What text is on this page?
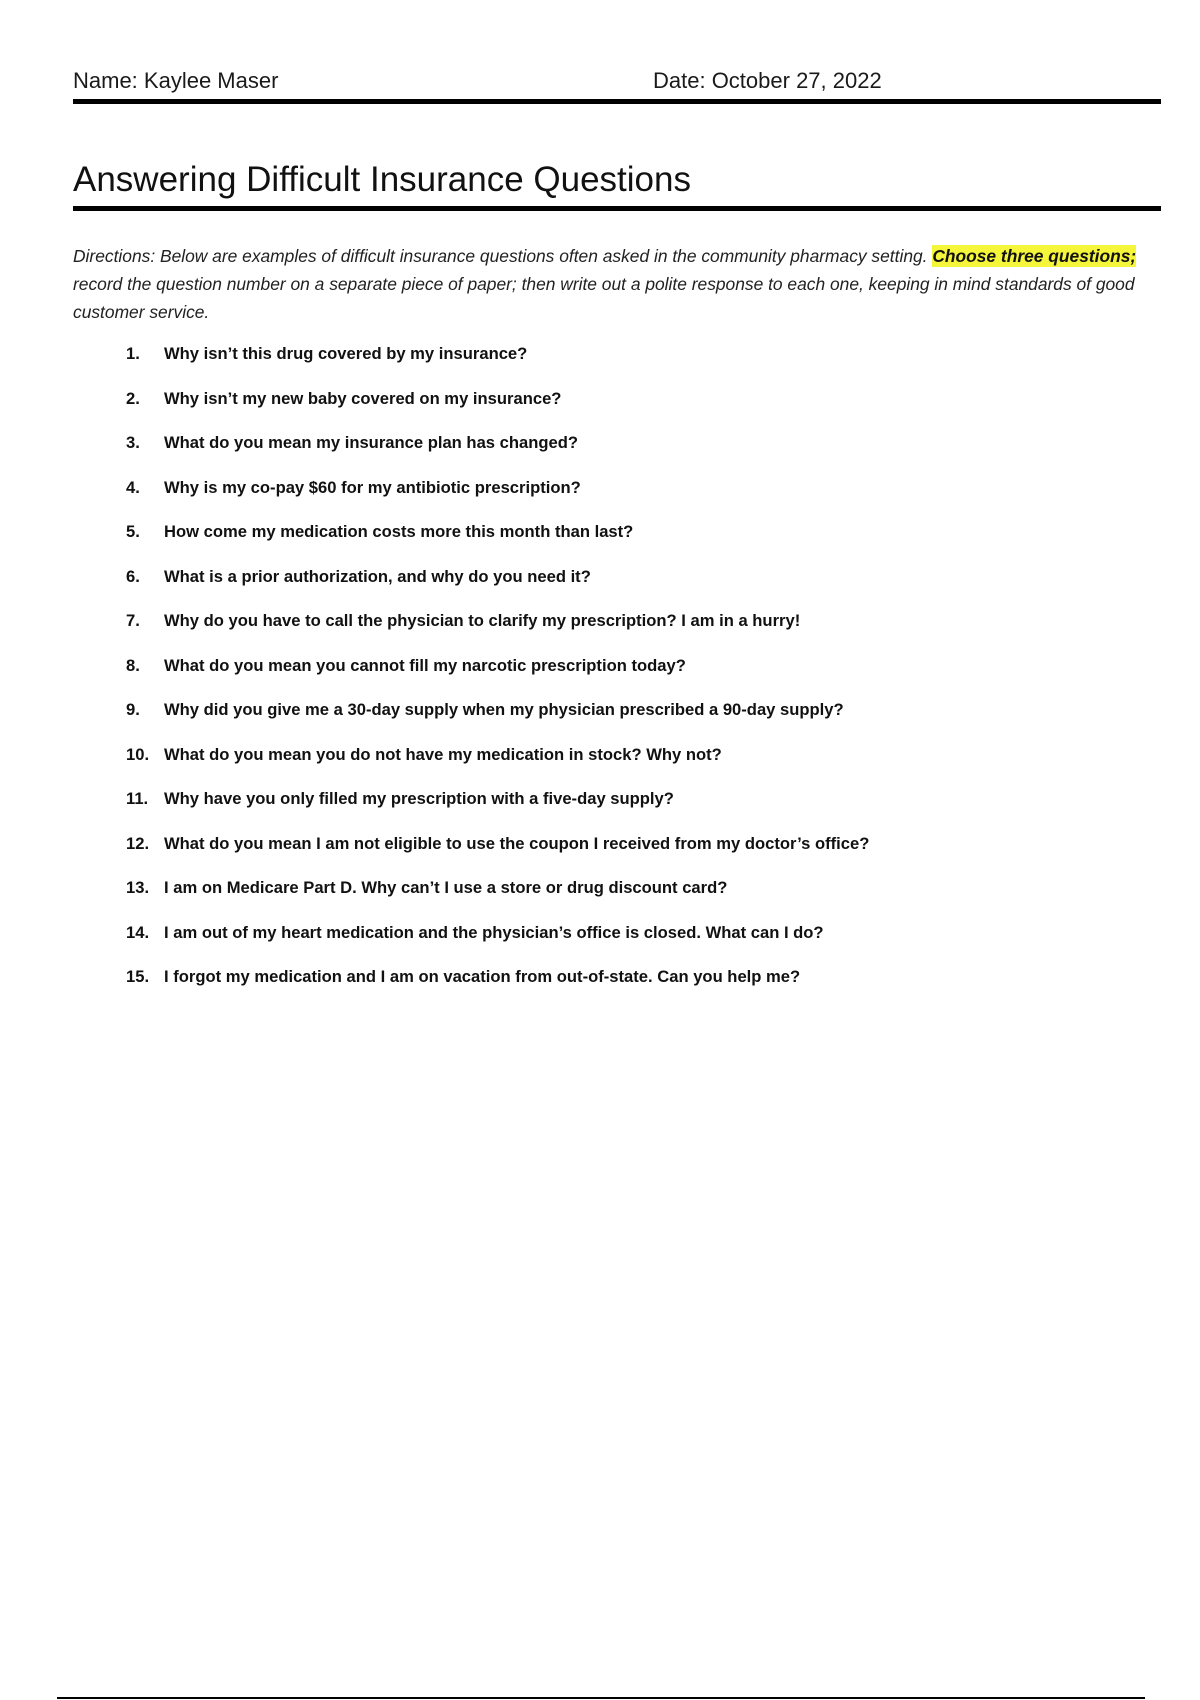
Name: Kaylee Maser	Date: October 27, 2022
Answering Difficult Insurance Questions
Directions: Below are examples of difficult insurance questions often asked in the community pharmacy setting. Choose three questions; record the question number on a separate piece of paper; then write out a polite response to each one, keeping in mind standards of good customer service.
1.	Why isn’t this drug covered by my insurance?
2.	Why isn’t my new baby covered on my insurance?
3.	What do you mean my insurance plan has changed?
4.	Why is my co-pay $60 for my antibiotic prescription?
5.	How come my medication costs more this month than last?
6.	What is a prior authorization, and why do you need it?
7.	Why do you have to call the physician to clarify my prescription? I am in a hurry!
8.	What do you mean you cannot fill my narcotic prescription today?
9.	Why did you give me a 30-day supply when my physician prescribed a 90-day supply?
10. What do you mean you do not have my medication in stock? Why not?
11. Why have you only filled my prescription with a five-day supply?
12. What do you mean I am not eligible to use the coupon I received from my doctor’s office?
13. I am on Medicare Part D. Why can’t I use a store or drug discount card?
14. I am out of my heart medication and the physician’s office is closed. What can I do?
15. I forgot my medication and I am on vacation from out-of-state. Can you help me?
